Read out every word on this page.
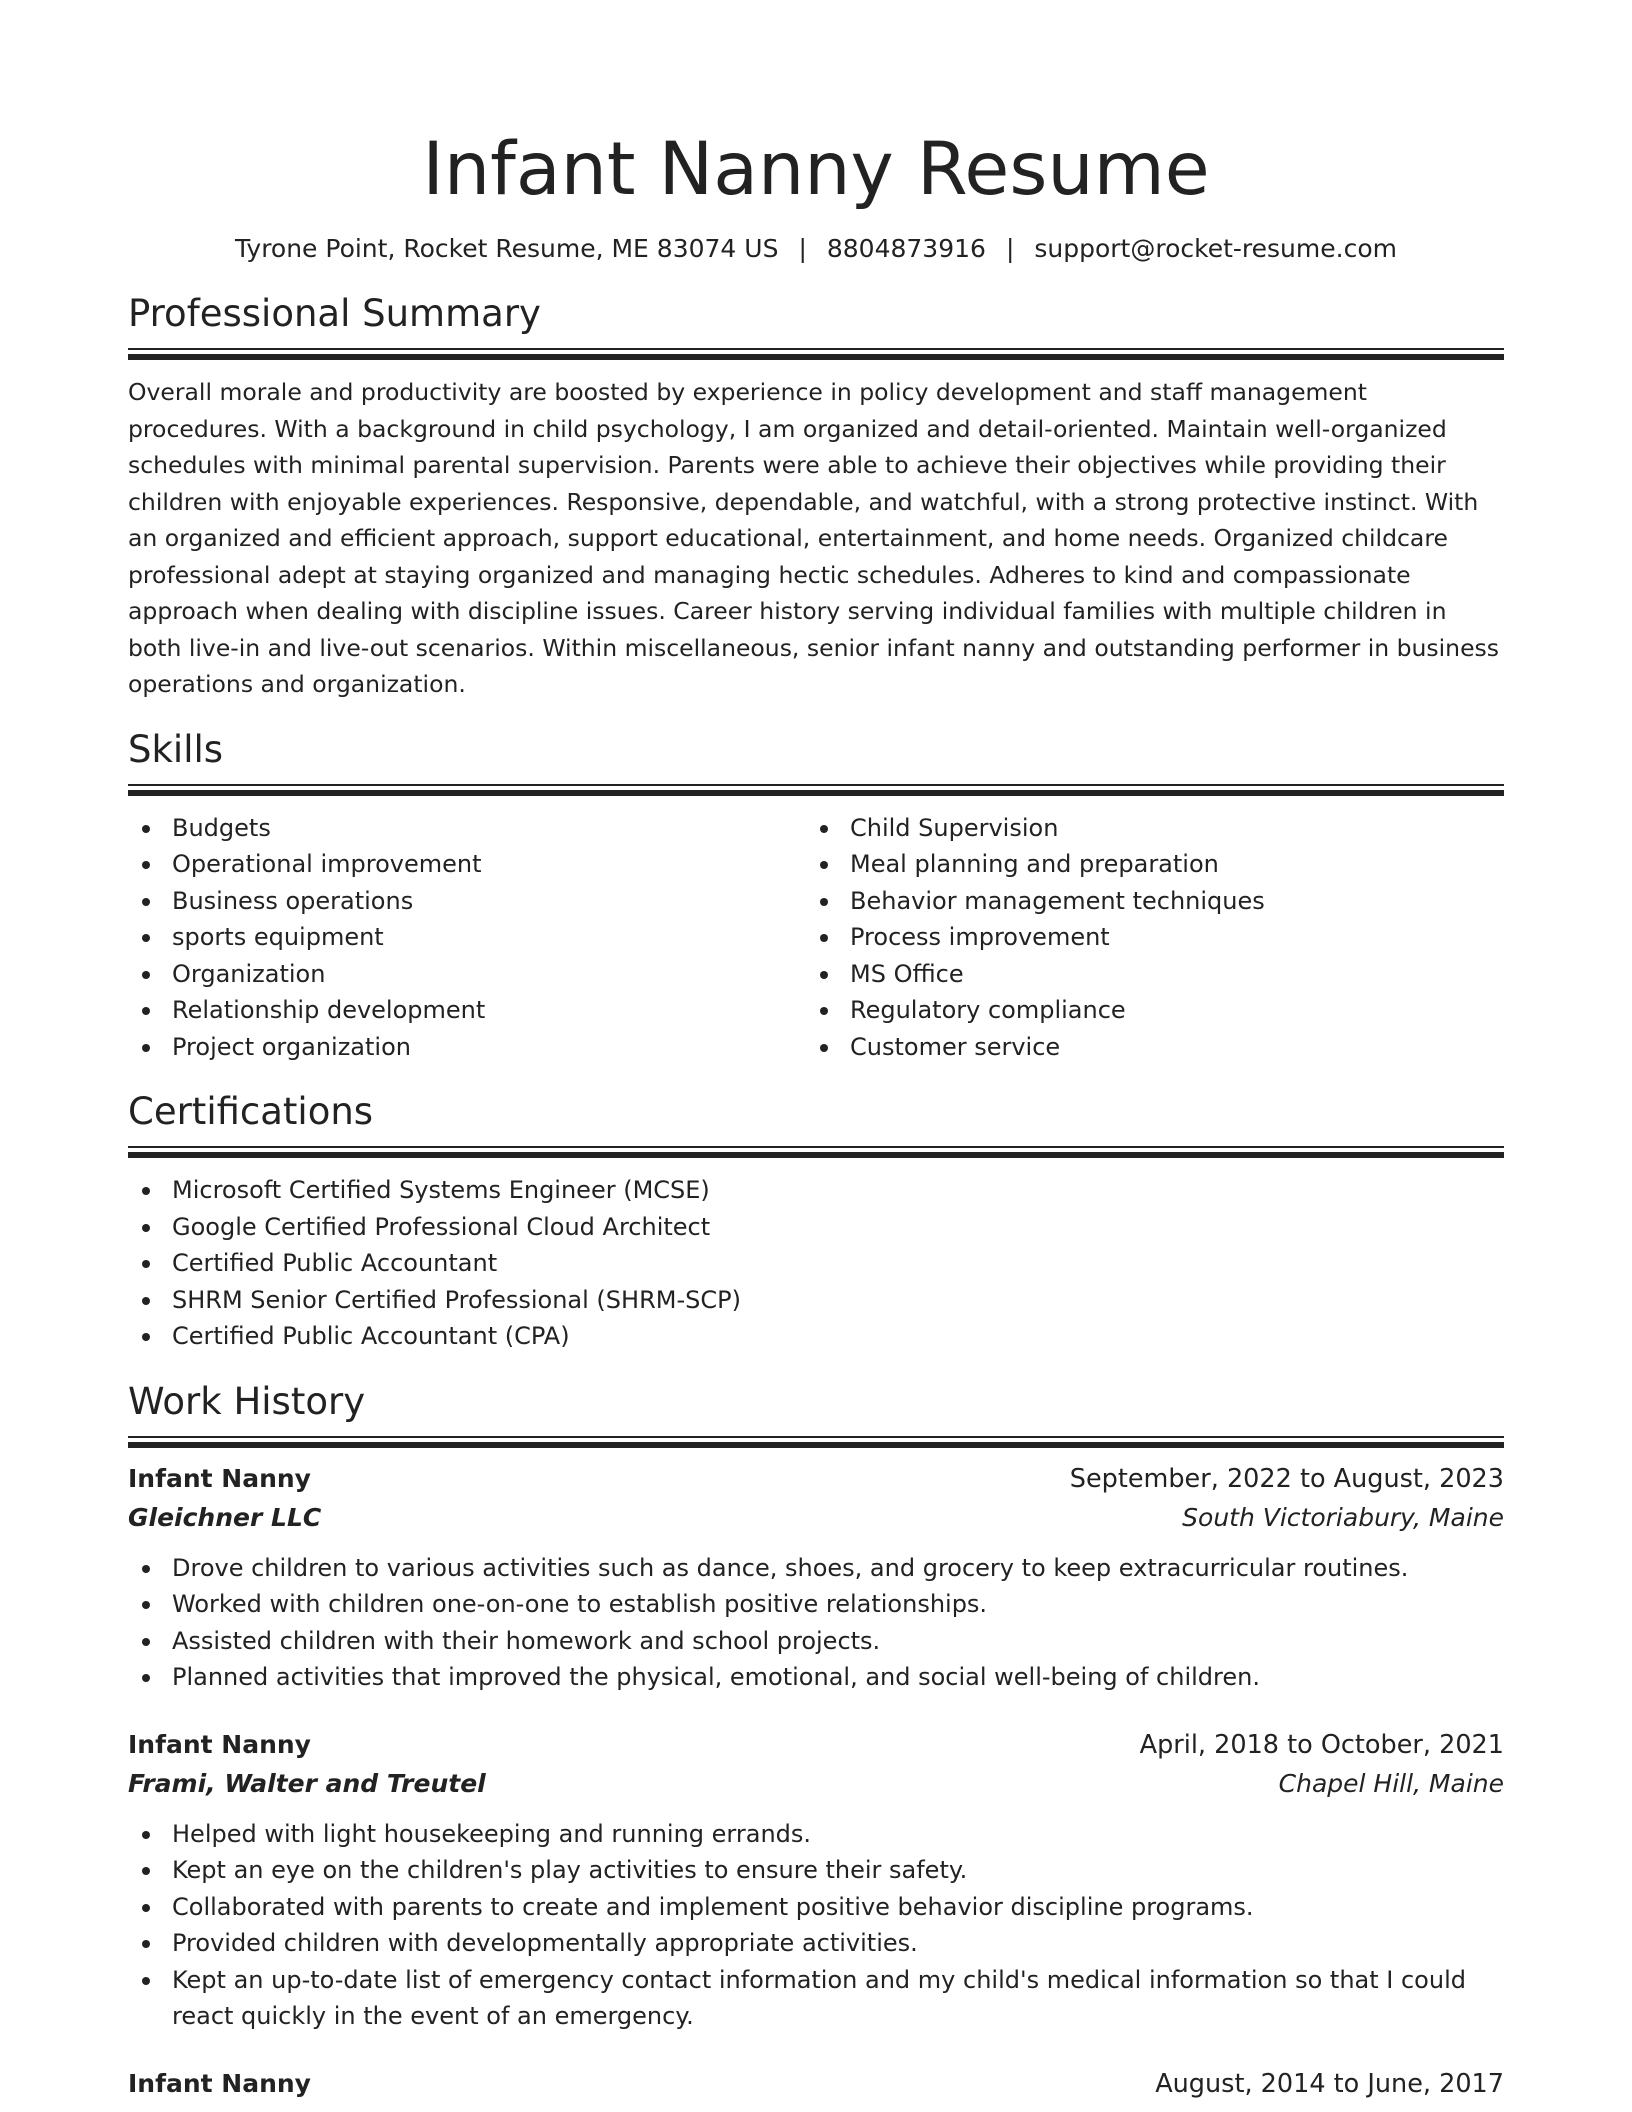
Infant Nanny Resume
Tyrone Point, Rocket Resume, ME 83074 US | 8804873916 | support@rocket-resume.com
Professional Summary

Overall morale and productivity are boosted by experience in policy development and staff management procedures. With a background in child psychology, I am organized and detail-oriented. Maintain well-organized schedules with minimal parental supervision. Parents were able to achieve their objectives while providing their children with enjoyable experiences. Responsive, dependable, and watchful, with a strong protective instinct. With an organized and efficient approach, support educational, entertainment, and home needs. Organized childcare professional adept at staying organized and managing hectic schedules. Adheres to kind and compassionate approach when dealing with discipline issues. Career history serving individual families with multiple children in both live-in and live-out scenarios. Within miscellaneous, senior infant nanny and outstanding performer in business operations and organization.

Skills
Budgets
Operational improvement
Business operations
sports equipment
Organization
Relationship development
Project organization
Child Supervision
Meal planning and preparation
Behavior management techniques
Process improvement
MS Office
Regulatory compliance
Customer service
Certifications
Microsoft Certified Systems Engineer (MCSE)
Google Certified Professional Cloud Architect
Certified Public Accountant
SHRM Senior Certified Professional (SHRM-SCP)
Certified Public Accountant (CPA)
Work History
Infant Nanny	September, 2022 to August, 2023
Gleichner LLC	South Victoriabury, Maine
Drove children to various activities such as dance, shoes, and grocery to keep extracurricular routines.
Worked with children one-on-one to establish positive relationships.
Assisted children with their homework and school projects.
Planned activities that improved the physical, emotional, and social well-being of children.
Infant Nanny	April, 2018 to October, 2021
Frami, Walter and Treutel	Chapel Hill, Maine
Helped with light housekeeping and running errands.
Kept an eye on the children's play activities to ensure their safety.
Collaborated with parents to create and implement positive behavior discipline programs.
Provided children with developmentally appropriate activities.
Kept an up-to-date list of emergency contact information and my child's medical information so that I could react quickly in the event of an emergency.
Infant Nanny	August, 2014 to June, 2017
